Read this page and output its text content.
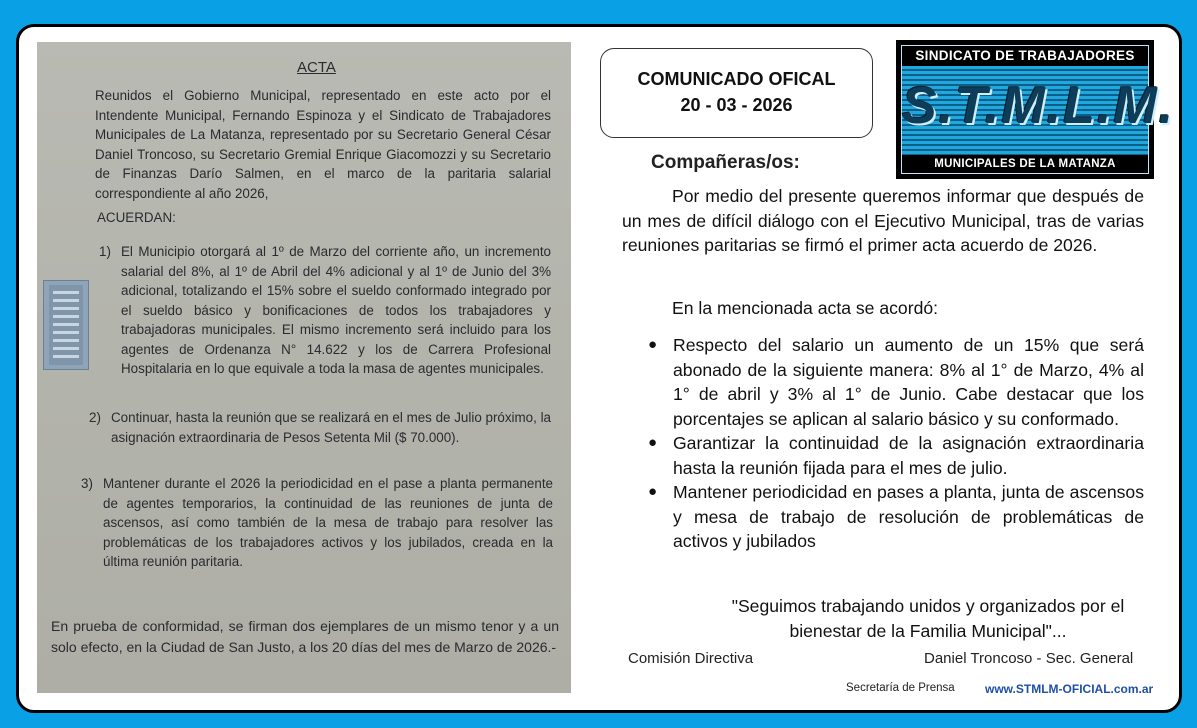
ACTA
Reunidos el Gobierno Municipal, representado en este acto por el Intendente Municipal, Fernando Espinoza y el Sindicato de Trabajadores Municipales de La Matanza, representado por su Secretario General César Daniel Troncoso, su Secretario Gremial Enrique Giacomozzi y su Secretario de Finanzas Darío Salmen, en el marco de la paritaria salarial correspondiente al año 2026,
ACUERDAN:
1) El Municipio otorgará al 1º de Marzo del corriente año, un incremento salarial del 8%, al 1º de Abril del 4% adicional y al 1º de Junio del 3% adicional, totalizando el 15% sobre el sueldo conformado integrado por el sueldo básico y bonificaciones de todos los trabajadores y trabajadoras municipales. El mismo incremento será incluido para los agentes de Ordenanza N° 14.622 y los de Carrera Profesional Hospitalaria en lo que equivale a toda la masa de agentes municipales.
2) Continuar, hasta la reunión que se realizará en el mes de Julio próximo, la asignación extraordinaria de Pesos Setenta Mil ($ 70.000).
3) Mantener durante el 2026 la periodicidad en el pase a planta permanente de agentes temporarios, la continuidad de las reuniones de junta de ascensos, así como también de la mesa de trabajo para resolver las problemáticas de los trabajadores activos y los jubilados, creada en la última reunión paritaria.
En prueba de conformidad, se firman dos ejemplares de un mismo tenor y a un solo efecto, en la Ciudad de San Justo, a los 20 días del mes de Marzo de 2026.-
COMUNICADO OFICAL
20 - 03 - 2026
SINDICATO DE TRABAJADORES
S.T.M.L.M.
MUNICIPALES DE LA MATANZA
Compañeras/os:
Por medio del presente queremos informar que después de un mes de difícil diálogo con el Ejecutivo Municipal, tras de varias reuniones paritarias se firmó el primer acta acuerdo de 2026.
En la mencionada acta se acordó:
● Respecto del salario un aumento de un 15% que será abonado de la siguiente manera: 8% al 1° de Marzo, 4% al 1° de abril y 3% al 1° de Junio. Cabe destacar que los porcentajes se aplican al salario básico y su conformado.
● Garantizar la continuidad de la asignación extraordinaria hasta la reunión fijada para el mes de julio.
● Mantener periodicidad en pases a planta, junta de ascensos y mesa de trabajo de resolución de problemáticas de activos y jubilados
"Seguimos trabajando unidos y organizados por el bienestar de la Familia Municipal"...
Comisión Directiva	Daniel Troncoso - Sec. General
Secretaría de Prensa	www.STMLM-OFICIAL.com.ar
